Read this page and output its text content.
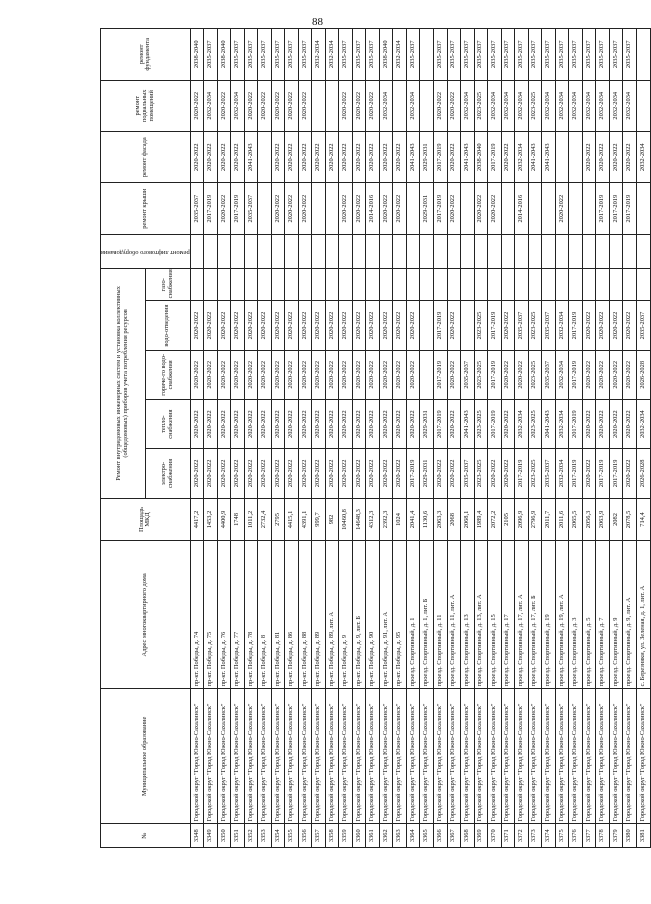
88
№	Муниципальное образование	Адрес многоквартирного дома	Площадь МКД	Ремонт внутридомовых инженерных систем и установка коллективных (общедомовых) приборов учета потребления ресурсов					ремонт лифтового оборудования	ремонт крыши	ремонт фасада	ремонт подвальных помещений	ремонт фундамента
				электро-снабжения	тепло-снабжения	горяче-го водо-снабжения	водо-отведения	газо-снабжения					
3348	Городской округ "Город Южно-Сахалинск"	пр-кт. Победы, д. 74	4417,2	2020-2022	2020-2022	2020-2022	2020-2022			2035-2037	2020-2022	2020-2022	2038-2040
3349	Городской округ "Город Южно-Сахалинск"	пр-кт. Победы, д. 75	1453,2	2020-2022	2020-2022	2020-2022	2020-2022			2017-2019	2020-2022	2032-2034	2035-2037
3350	Городской округ "Город Южно-Сахалинск"	пр-кт. Победы, д. 76	4400,9	2020-2022	2020-2022	2020-2022	2020-2022			2020-2022	2020-2022	2020-2022	2038-2040
3351	Городской округ "Город Южно-Сахалинск"	пр-кт. Победы, д. 77	1748	2020-2022	2020-2022	2020-2022	2020-2022			2017-2019	2020-2022	2032-2034	2035-2037
3352	Городской округ "Город Южно-Сахалинск"	пр-кт. Победы, д. 78	1011,2	2020-2022	2020-2022	2020-2022	2020-2022			2035-2037	2041-2043	2020-2022	2035-2037
3353	Городской округ "Город Южно-Сахалинск"	пр-кт. Победы, д. 8	2732,4	2020-2022	2020-2022	2020-2022	2020-2022					2020-2022	2035-2037
3354	Городской округ "Город Южно-Сахалинск"	пр-кт. Победы, д. 81	2795	2020-2022	2020-2022	2020-2022	2020-2022			2020-2022	2020-2022	2020-2022	2035-2037
3355	Городской округ "Город Южно-Сахалинск"	пр-кт. Победы, д. 86	4415,1	2020-2022	2020-2022	2020-2022	2020-2022			2020-2022	2020-2022	2020-2022	2035-2037
3356	Городской округ "Город Южно-Сахалинск"	пр-кт. Победы, д. 88	4391,1	2020-2022	2020-2022	2020-2022	2020-2022			2020-2022	2020-2022	2020-2022	2035-2037
3357	Городской округ "Город Южно-Сахалинск"	пр-кт. Победы, д. 89	999,7	2020-2022	2020-2022	2020-2022	2020-2022				2020-2022		2032-2034
3358	Городской округ "Город Южно-Сахалинск"	пр-кт. Победы, д. 89, лит. А	982	2020-2022	2020-2022	2020-2022	2020-2022				2020-2022		2032-2034
3359	Городской округ "Город Южно-Сахалинск"	пр-кт. Победы, д. 9	10460,8	2020-2022	2020-2022	2020-2022	2020-2022			2020-2022	2020-2022	2020-2022	2035-2037
3360	Городской округ "Город Южно-Сахалинск"	пр-кт. Победы, д. 9, лит. Б	14648,3	2020-2022	2020-2022	2020-2022	2020-2022			2020-2022	2020-2022	2020-2022	2035-2037
3361	Городской округ "Город Южно-Сахалинск"	пр-кт. Победы, д. 90	4312,3	2020-2022	2020-2022	2020-2022	2020-2022			2014-2016	2020-2022	2020-2022	2035-2037
3362	Городской округ "Город Южно-Сахалинск"	пр-кт. Победы, д. 91, лит. А	2392,3	2020-2022	2020-2022	2020-2022	2020-2022			2020-2022	2020-2022	2032-2034	2038-2040
3363	Городской округ "Город Южно-Сахалинск"	пр-кт. Победы, д. 95	1024	2020-2022	2020-2022	2020-2022	2020-2022			2020-2022	2020-2022		2032-2034
3364	Городской округ "Город Южно-Сахалинск"	проезд. Спортивный, д. 1	2041,4	2017-2019	2020-2022	2020-2022	2020-2022				2041-2043	2032-2034	2035-2037
3365	Городской округ "Город Южно-Сахалинск"	проезд. Спортивный, д. 1, лит. Б	1130,6	2029-2031	2029-2031					2029-2031	2029-2031		
3366	Городской округ "Город Южно-Сахалинск"	проезд. Спортивный, д. 11	2063,3	2020-2022	2017-2019	2017-2019	2017-2019			2017-2019	2017-2019	2020-2022	2035-2037
3367	Городской округ "Город Южно-Сахалинск"	проезд. Спортивный, д. 11, лит. А	2068	2020-2022	2020-2022	2020-2022	2020-2022			2020-2022	2020-2022	2020-2022	2035-2037
3368	Городской округ "Город Южно-Сахалинск"	проезд. Спортивный, д. 13	2068,1	2035-2037	2041-2043	2035-2037					2041-2043	2032-2034	2035-2037
3369	Городской округ "Город Южно-Сахалинск"	проезд. Спортивный, д. 13, лит. А	1989,4	2023-2025	2023-2025	2023-2025	2023-2025			2020-2022	2038-2040	2023-2025	2035-2037
3370	Городской округ "Город Южно-Сахалинск"	проезд. Спортивный, д. 15	2072,2	2020-2022	2017-2019	2017-2019	2017-2019			2020-2022	2017-2019	2032-2034	2035-2037
3371	Городской округ "Город Южно-Сахалинск"	проезд. Спортивный, д. 17	2105	2020-2022	2020-2022	2020-2022	2020-2022				2020-2022	2032-2034	2035-2037
3372	Городской округ "Город Южно-Сахалинск"	проезд. Спортивный, д. 17, лит. А	2096,9	2017-2019	2032-2034	2020-2022	2035-2037			2014-2016	2032-2034	2032-2034	2035-2037
3373	Городской округ "Город Южно-Сахалинск"	проезд. Спортивный, д. 17, лит. Б	2796,9	2023-2025	2023-2025	2023-2025	2023-2025				2041-2043	2023-2025	2035-2037
3374	Городской округ "Город Южно-Сахалинск"	проезд. Спортивный, д. 19	2011,7	2035-2037	2041-2043	2035-2037	2035-2037				2041-2043	2032-2034	2035-2037
3375	Городской округ "Город Южно-Сахалинск"	проезд. Спортивный, д. 19, лит. А	2011,6	2032-2034	2032-2034	2032-2034	2032-2034			2020-2022		2032-2034	2035-2037
3376	Городской округ "Город Южно-Сахалинск"	проезд. Спортивный, д. 3	2065,5	2017-2019	2017-2019	2017-2019	2017-2019					2032-2034	2035-2037
3377	Городской округ "Город Южно-Сахалинск"	проезд. Спортивный, д. 5	2056,3	2020-2022	2020-2022	2020-2022	2020-2022				2020-2022	2032-2034	2035-2037
3378	Городской округ "Город Южно-Сахалинск"	проезд. Спортивный, д. 7	2063,9	2017-2019	2020-2022	2020-2022	2020-2022			2017-2019	2020-2022	2032-2034	2035-2037
3379	Городской округ "Город Южно-Сахалинск"	проезд. Спортивный, д. 9	2082	2017-2019	2020-2022	2020-2022	2020-2022			2017-2019	2020-2022	2032-2034	2035-2037
3380	Городской округ "Город Южно-Сахалинск"	проезд. Спортивный, д. 9, лит. А	2078,5	2020-2022	2020-2022	2020-2022	2020-2022			2017-2019	2020-2022	2032-2034	2035-2037
3381	Городской округ "Город Южно-Сахалинск"	с. Березняки, ул. Зеленая, д. 1, лит. А	714,4	2026-2028	2032-2034	2026-2028	2035-2037				2032-2034		
